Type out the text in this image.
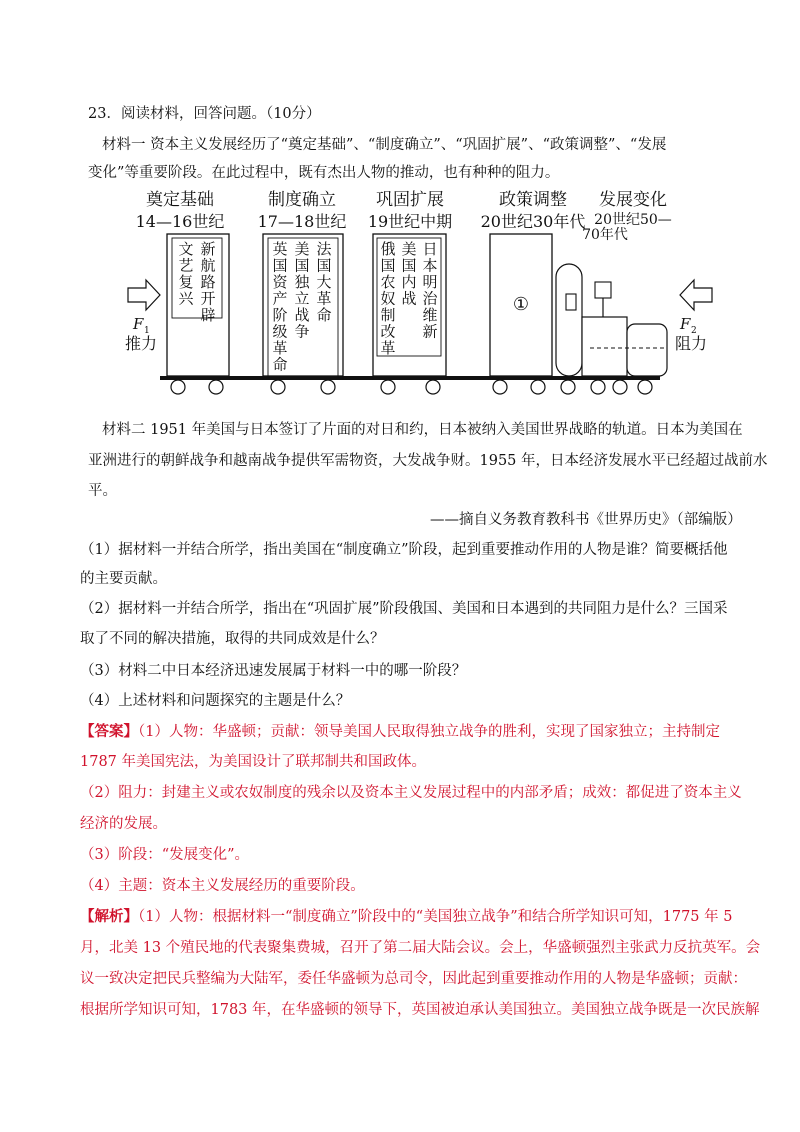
23．阅读材料，回答问题。（10分）
材料一 资本主义发展经历了“奠定基础”、“制度确立”、“巩固扩展”、“政策调整”、“发展
变化”等重要阶段。在此过程中，既有杰出人物的推动，也有种种的阻力。
奠定基础
14—16世纪
制度确立
17—18世纪
巩固扩展
19世纪中期
政策调整
20世纪30年代
发展变化
20世纪50—
70年代
文
艺
复
兴
新
航
路
开
辟
英
国
资
产
阶
级
革
命
美
国
独
立
战
争
法
国
大
革
命
俄
国
农
奴
制
改
革
美
国
内
战
日
本
明
治
维
新
①
F 1
推力
F 2
阻力
材料二 1951 年美国与日本签订了片面的对日和约，日本被纳入美国世界战略的轨道。日本为美国在
亚洲进行的朝鲜战争和越南战争提供军需物资，大发战争财。1955 年，日本经济发展水平已经超过战前水
平。
——摘自义务教育教科书《世界历史》（部编版）
（1）据材料一并结合所学，指出美国在“制度确立”阶段，起到重要推动作用的人物是谁？简要概括他
的主要贡献。
（2）据材料一并结合所学，指出在“巩固扩展”阶段俄国、美国和日本遇到的共同阻力是什么？三国采
取了不同的解决措施，取得的共同成效是什么？
（3）材料二中日本经济迅速发展属于材料一中的哪一阶段？
（4）上述材料和问题探究的主题是什么？
【答案】（1）人物：华盛顿；贡献：领导美国人民取得独立战争的胜利，实现了国家独立；主持制定
1787 年美国宪法，为美国设计了联邦制共和国政体。
（2）阻力：封建主义或农奴制度的残余以及资本主义发展过程中的内部矛盾；成效：都促进了资本主义
经济的发展。
（3）阶段：“发展变化”。
（4）主题：资本主义发展经历的重要阶段。
【解析】（1）人物：根据材料一“制度确立”阶段中的“美国独立战争”和结合所学知识可知，1775 年 5
月，北美 13 个殖民地的代表聚集费城，召开了第二届大陆会议。会上，华盛顿强烈主张武力反抗英军。会
议一致决定把民兵整编为大陆军，委任华盛顿为总司令，因此起到重要推动作用的人物是华盛顿；贡献：
根据所学知识可知，1783 年，在华盛顿的领导下，英国被迫承认美国独立。美国独立战争既是一次民族解
